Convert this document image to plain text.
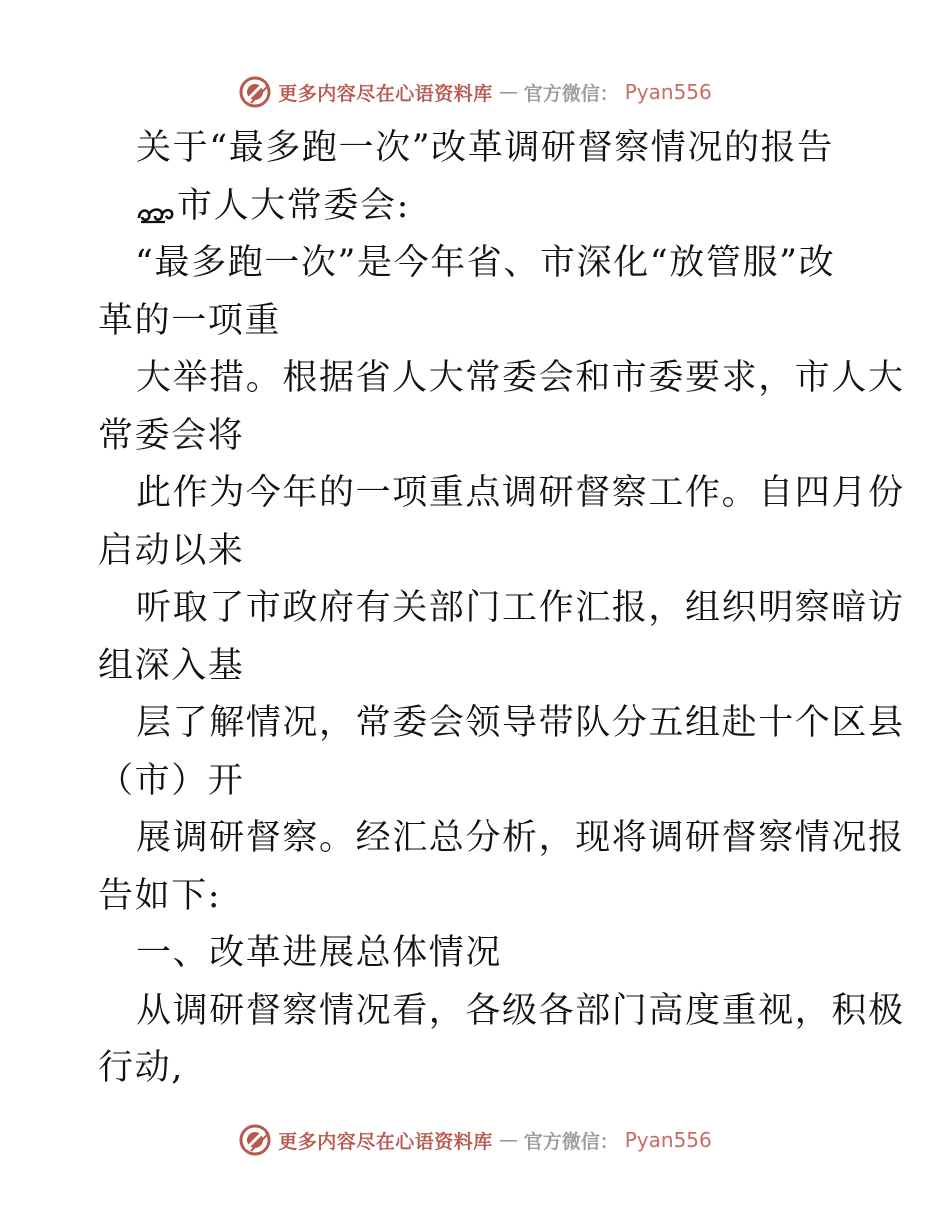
更多内容尽在心语资料库 — 官方微信： Pyan556
关于“最多跑一次”改革调研督察情况的报告
市人大常委会:
“最多跑一次”是今年省、市深化“放管服”改
革的一项重
大举措。根据省人大常委会和市委要求，市人大
常委会将
此作为今年的一项重点调研督察工作。自四月份
启动以来
听取了市政府有关部门工作汇报，组织明察暗访
组深入基
层了解情况，常委会领导带队分五组赴十个区县
（市）开
展调研督察。经汇总分析，现将调研督察情况报
告如下:
一、改革进展总体情况
从调研督察情况看，各级各部门高度重视，积极
行动,
更多内容尽在心语资料库 — 官方微信： Pyan556
